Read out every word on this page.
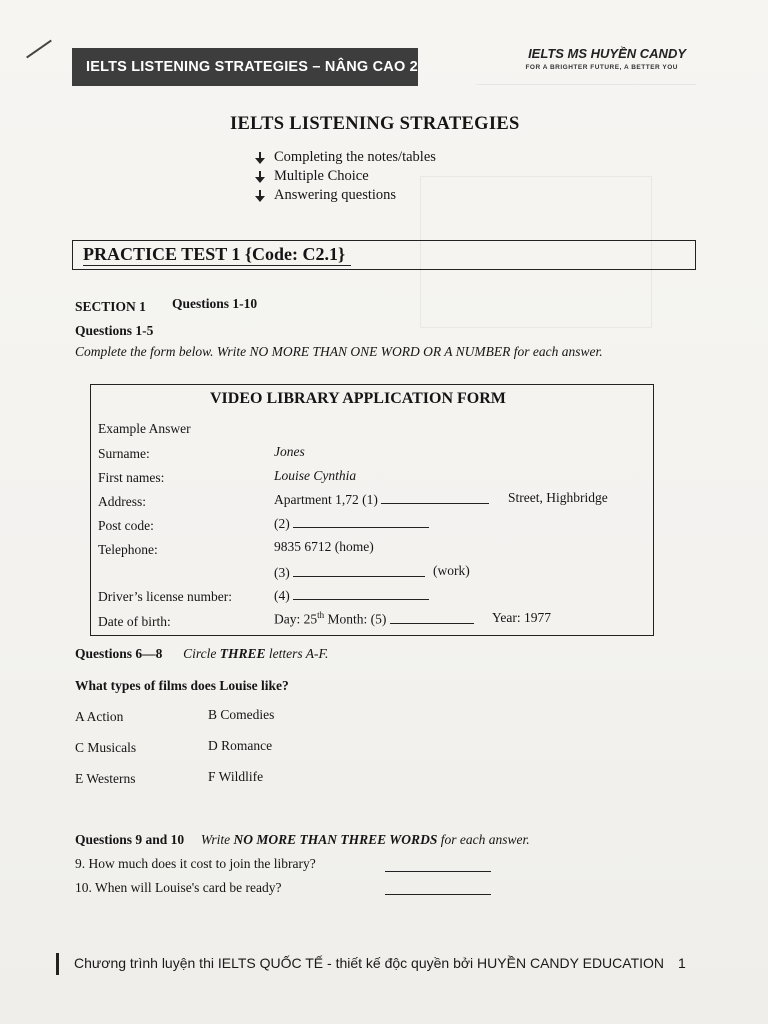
IELTS LISTENING STRATEGIES – NÂNG CAO 2
IELTS MS HUYỀN CANDY
FOR A BRIGHTER FUTURE, A BETTER YOU
IELTS LISTENING STRATEGIES
Completing the notes/tables
Multiple Choice
Answering questions
PRACTICE TEST 1 {Code: C2.1}
SECTION 1 Questions 1-10
Questions 1-5
Complete the form below. Write NO MORE THAN ONE WORD OR A NUMBER for each answer.
VIDEO LIBRARY APPLICATION FORM
Example Answer
Surname:	Jones
First names:	Louise Cynthia
Address:	Apartment 1,72 (1)	Street, Highbridge
Post code:	(2)
Telephone:	9835 6712 (home)
(3)	(work)
Driver’s license number:	(4)
Date of birth:	Day: 25th Month: (5)	Year: 1977
Questions 6—8 Circle THREE letters A-F.
What types of films does Louise like?
A Action	B Comedies
C Musicals	D Romance
E Westerns	F Wildlife
Questions 9 and 10 Write NO MORE THAN THREE WORDS for each answer.
9. How much does it cost to join the library?
10. When will Louise's card be ready?
Chương trình luyện thi IELTS QUỐC TẾ - thiết kế độc quyền bởi HUYỀN CANDY EDUCATION 1
